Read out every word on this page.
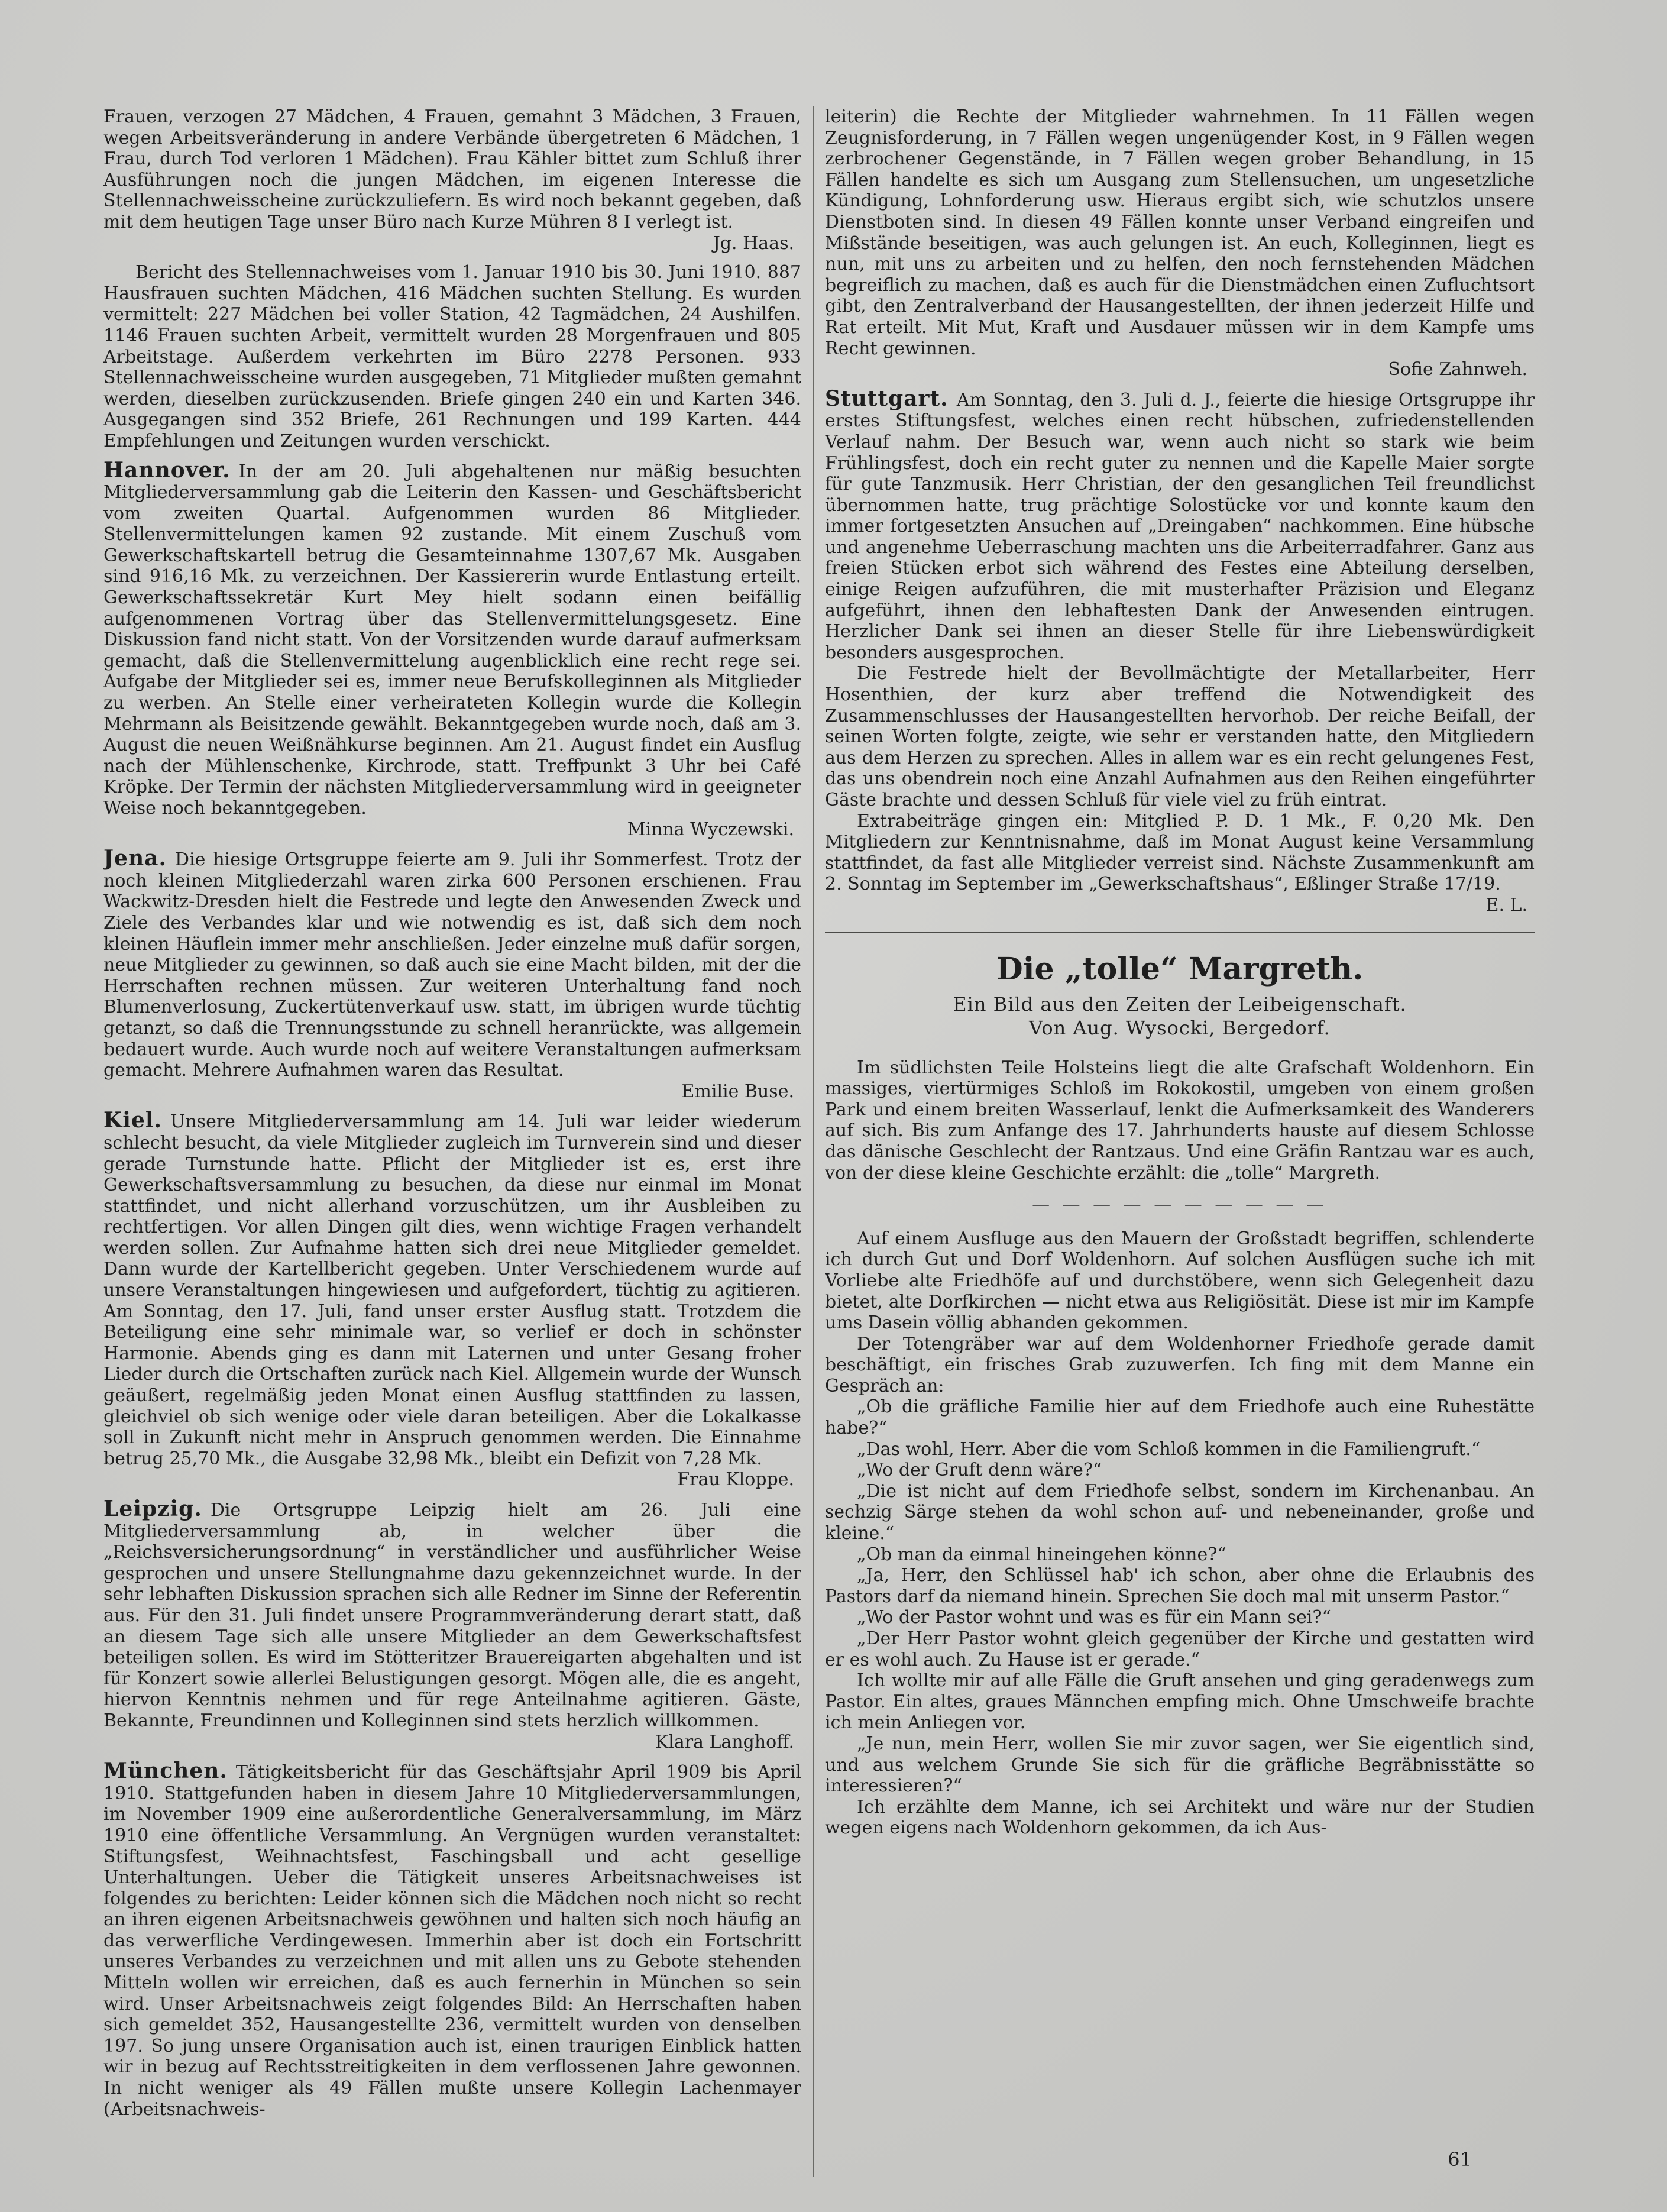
Frauen, verzogen 27 Mädchen, 4 Frauen, gemahnt 3 Mädchen, 3 Frauen, wegen Arbeitsveränderung in andere Verbände übergetreten 6 Mädchen, 1 Frau, durch Tod verloren 1 Mädchen). Frau Kähler bittet zum Schluß ihrer Ausführungen noch die jungen Mädchen, im eigenen Interesse die Stellennachweisscheine zurückzuliefern. Es wird noch bekannt gegeben, daß mit dem heutigen Tage unser Büro nach Kurze Mühren 8 I verlegt ist.

Jg. Haas.

Bericht des Stellennachweises vom 1. Januar 1910 bis 30. Juni 1910. 887 Hausfrauen suchten Mädchen, 416 Mädchen suchten Stellung. Es wurden vermittelt: 227 Mädchen bei voller Station, 42 Tagmädchen, 24 Aushilfen. 1146 Frauen suchten Arbeit, vermittelt wurden 28 Morgenfrauen und 805 Arbeitstage. Außerdem verkehrten im Büro 2278 Personen. 933 Stellennachweisscheine wurden ausgegeben, 71 Mitglieder mußten gemahnt werden, dieselben zurückzusenden. Briefe gingen 240 ein und Karten 346. Ausgegangen sind 352 Briefe, 261 Rechnungen und 199 Karten. 444 Empfehlungen und Zeitungen wurden verschickt.

Hannover. In der am 20. Juli abgehaltenen nur mäßig besuchten Mitgliederversammlung gab die Leiterin den Kassen- und Geschäftsbericht vom zweiten Quartal. Aufgenommen wurden 86 Mitglieder. Stellenvermittelungen kamen 92 zustande. Mit einem Zuschuß vom Gewerkschaftskartell betrug die Gesamteinnahme 1307,67 Mk. Ausgaben sind 916,16 Mk. zu verzeichnen. Der Kassiererin wurde Entlastung erteilt. Gewerkschaftssekretär Kurt Mey hielt sodann einen beifällig aufgenommenen Vortrag über das Stellenvermittelungsgesetz. Eine Diskussion fand nicht statt. Von der Vorsitzenden wurde darauf aufmerksam gemacht, daß die Stellenvermittelung augenblicklich eine recht rege sei. Aufgabe der Mitglieder sei es, immer neue Berufskolleginnen als Mitglieder zu werben. An Stelle einer verheirateten Kollegin wurde die Kollegin Mehrmann als Beisitzende gewählt. Bekanntgegeben wurde noch, daß am 3. August die neuen Weißnähkurse beginnen. Am 21. August findet ein Ausflug nach der Mühlenschenke, Kirchrode, statt. Treffpunkt 3 Uhr bei Café Kröpke. Der Termin der nächsten Mitgliederversammlung wird in geeigneter Weise noch bekanntgegeben.

Minna Wyczewski.

Jena. Die hiesige Ortsgruppe feierte am 9. Juli ihr Sommerfest. Trotz der noch kleinen Mitgliederzahl waren zirka 600 Personen erschienen. Frau Wackwitz-Dresden hielt die Festrede und legte den Anwesenden Zweck und Ziele des Verbandes klar und wie notwendig es ist, daß sich dem noch kleinen Häuflein immer mehr anschließen. Jeder einzelne muß dafür sorgen, neue Mitglieder zu gewinnen, so daß auch sie eine Macht bilden, mit der die Herrschaften rechnen müssen. Zur weiteren Unterhaltung fand noch Blumenverlosung, Zuckertütenverkauf usw. statt, im übrigen wurde tüchtig getanzt, so daß die Trennungsstunde zu schnell heranrückte, was allgemein bedauert wurde. Auch wurde noch auf weitere Veranstaltungen aufmerksam gemacht. Mehrere Aufnahmen waren das Resultat.

Emilie Buse.

Kiel. Unsere Mitgliederversammlung am 14. Juli war leider wiederum schlecht besucht, da viele Mitglieder zugleich im Turnverein sind und dieser gerade Turnstunde hatte. Pflicht der Mitglieder ist es, erst ihre Gewerkschaftsversammlung zu besuchen, da diese nur einmal im Monat stattfindet, und nicht allerhand vorzuschützen, um ihr Ausbleiben zu rechtfertigen. Vor allen Dingen gilt dies, wenn wichtige Fragen verhandelt werden sollen. Zur Aufnahme hatten sich drei neue Mitglieder gemeldet. Dann wurde der Kartellbericht gegeben. Unter Verschiedenem wurde auf unsere Veranstaltungen hingewiesen und aufgefordert, tüchtig zu agitieren. Am Sonntag, den 17. Juli, fand unser erster Ausflug statt. Trotzdem die Beteiligung eine sehr minimale war, so verlief er doch in schönster Harmonie. Abends ging es dann mit Laternen und unter Gesang froher Lieder durch die Ortschaften zurück nach Kiel. Allgemein wurde der Wunsch geäußert, regelmäßig jeden Monat einen Ausflug stattfinden zu lassen, gleichviel ob sich wenige oder viele daran beteiligen. Aber die Lokalkasse soll in Zukunft nicht mehr in Anspruch genommen werden. Die Einnahme betrug 25,70 Mk., die Ausgabe 32,98 Mk., bleibt ein Defizit von 7,28 Mk.

Frau Kloppe.

Leipzig. Die Ortsgruppe Leipzig hielt am 26. Juli eine Mitgliederversammlung ab, in welcher über die „Reichsversicherungsordnung“ in verständlicher und ausführlicher Weise gesprochen und unsere Stellungnahme dazu gekennzeichnet wurde. In der sehr lebhaften Diskussion sprachen sich alle Redner im Sinne der Referentin aus. Für den 31. Juli findet unsere Programmveränderung derart statt, daß an diesem Tage sich alle unsere Mitglieder an dem Gewerkschaftsfest beteiligen sollen. Es wird im Stötteritzer Brauereigarten abgehalten und ist für Konzert sowie allerlei Belustigungen gesorgt. Mögen alle, die es angeht, hiervon Kenntnis nehmen und für rege Anteilnahme agitieren. Gäste, Bekannte, Freundinnen und Kolleginnen sind stets herzlich willkommen.

Klara Langhoff.

München. Tätigkeitsbericht für das Geschäftsjahr April 1909 bis April 1910. Stattgefunden haben in diesem Jahre 10 Mitgliederversammlungen, im November 1909 eine außerordentliche Generalversammlung, im März 1910 eine öffentliche Versammlung. An Vergnügen wurden veranstaltet: Stiftungsfest, Weihnachtsfest, Faschingsball und acht gesellige Unterhaltungen. Ueber die Tätigkeit unseres Arbeitsnachweises ist folgendes zu berichten: Leider können sich die Mädchen noch nicht so recht an ihren eigenen Arbeitsnachweis gewöhnen und halten sich noch häufig an das verwerfliche Verdingewesen. Immerhin aber ist doch ein Fortschritt unseres Verbandes zu verzeichnen und mit allen uns zu Gebote stehenden Mitteln wollen wir erreichen, daß es auch fernerhin in München so sein wird. Unser Arbeitsnachweis zeigt folgendes Bild: An Herrschaften haben sich gemeldet 352, Hausangestellte 236, vermittelt wurden von denselben 197. So jung unsere Organisation auch ist, einen traurigen Einblick hatten wir in bezug auf Rechtsstreitigkeiten in dem verflossenen Jahre gewonnen. In nicht weniger als 49 Fällen mußte unsere Kollegin Lachenmayer (Arbeitsnachweis-

leiterin) die Rechte der Mitglieder wahrnehmen. In 11 Fällen wegen Zeugnisforderung, in 7 Fällen wegen ungenügender Kost, in 9 Fällen wegen zerbrochener Gegenstände, in 7 Fällen wegen grober Behandlung, in 15 Fällen handelte es sich um Ausgang zum Stellensuchen, um ungesetzliche Kündigung, Lohnforderung usw. Hieraus ergibt sich, wie schutzlos unsere Dienstboten sind. In diesen 49 Fällen konnte unser Verband eingreifen und Mißstände beseitigen, was auch gelungen ist. An euch, Kolleginnen, liegt es nun, mit uns zu arbeiten und zu helfen, den noch fernstehenden Mädchen begreiflich zu machen, daß es auch für die Dienstmädchen einen Zufluchtsort gibt, den Zentralverband der Hausangestellten, der ihnen jederzeit Hilfe und Rat erteilt. Mit Mut, Kraft und Ausdauer müssen wir in dem Kampfe ums Recht gewinnen.

Sofie Zahnweh.

Stuttgart. Am Sonntag, den 3. Juli d. J., feierte die hiesige Ortsgruppe ihr erstes Stiftungsfest, welches einen recht hübschen, zufriedenstellenden Verlauf nahm. Der Besuch war, wenn auch nicht so stark wie beim Frühlingsfest, doch ein recht guter zu nennen und die Kapelle Maier sorgte für gute Tanzmusik. Herr Christian, der den gesanglichen Teil freundlichst übernommen hatte, trug prächtige Solostücke vor und konnte kaum den immer fortgesetzten Ansuchen auf „Dreingaben“ nachkommen. Eine hübsche und angenehme Ueberraschung machten uns die Arbeiterradfahrer. Ganz aus freien Stücken erbot sich während des Festes eine Abteilung derselben, einige Reigen aufzuführen, die mit musterhafter Präzision und Eleganz aufgeführt, ihnen den lebhaftesten Dank der Anwesenden eintrugen. Herzlicher Dank sei ihnen an dieser Stelle für ihre Liebenswürdigkeit besonders ausgesprochen.

Die Festrede hielt der Bevollmächtigte der Metallarbeiter, Herr Hosenthien, der kurz aber treffend die Notwendigkeit des Zusammenschlusses der Hausangestellten hervorhob. Der reiche Beifall, der seinen Worten folgte, zeigte, wie sehr er verstanden hatte, den Mitgliedern aus dem Herzen zu sprechen. Alles in allem war es ein recht gelungenes Fest, das uns obendrein noch eine Anzahl Aufnahmen aus den Reihen eingeführter Gäste brachte und dessen Schluß für viele viel zu früh eintrat.

Extrabeiträge gingen ein: Mitglied P. D. 1 Mk., F. 0,20 Mk. Den Mitgliedern zur Kenntnisnahme, daß im Monat August keine Versammlung stattfindet, da fast alle Mitglieder verreist sind. Nächste Zusammenkunft am 2. Sonntag im September im „Gewerkschaftshaus“, Eßlinger Straße 17/19.

E. L.
Die „tolle“ Margreth.
Ein Bild aus den Zeiten der Leibeigenschaft.
Von Aug. Wysocki, Bergedorf.

Im südlichsten Teile Holsteins liegt die alte Grafschaft Woldenhorn. Ein massiges, viertürmiges Schloß im Rokokostil, umgeben von einem großen Park und einem breiten Wasserlauf, lenkt die Aufmerksamkeit des Wanderers auf sich. Bis zum Anfange des 17. Jahrhunderts hauste auf diesem Schlosse das dänische Geschlecht der Rantzaus. Und eine Gräfin Rantzau war es auch, von der diese kleine Geschichte erzählt: die „tolle“ Margreth.

— — — — — — — — — —

Auf einem Ausfluge aus den Mauern der Großstadt begriffen, schlenderte ich durch Gut und Dorf Woldenhorn. Auf solchen Ausflügen suche ich mit Vorliebe alte Friedhöfe auf und durchstöbere, wenn sich Gelegenheit dazu bietet, alte Dorfkirchen — nicht etwa aus Religiösität. Diese ist mir im Kampfe ums Dasein völlig abhanden gekommen.

Der Totengräber war auf dem Woldenhorner Friedhofe gerade damit beschäftigt, ein frisches Grab zuzuwerfen. Ich fing mit dem Manne ein Gespräch an:

„Ob die gräfliche Familie hier auf dem Friedhofe auch eine Ruhestätte habe?“

„Das wohl, Herr. Aber die vom Schloß kommen in die Familiengruft.“

„Wo der Gruft denn wäre?“

„Die ist nicht auf dem Friedhofe selbst, sondern im Kirchenanbau. An sechzig Särge stehen da wohl schon auf- und nebeneinander, große und kleine.“

„Ob man da einmal hineingehen könne?“

„Ja, Herr, den Schlüssel hab' ich schon, aber ohne die Erlaubnis des Pastors darf da niemand hinein. Sprechen Sie doch mal mit unserm Pastor.“

„Wo der Pastor wohnt und was es für ein Mann sei?“

„Der Herr Pastor wohnt gleich gegenüber der Kirche und gestatten wird er es wohl auch. Zu Hause ist er gerade.“

Ich wollte mir auf alle Fälle die Gruft ansehen und ging geradenwegs zum Pastor. Ein altes, graues Männchen empfing mich. Ohne Umschweife brachte ich mein Anliegen vor.

„Je nun, mein Herr, wollen Sie mir zuvor sagen, wer Sie eigentlich sind, und aus welchem Grunde Sie sich für die gräfliche Begräbnisstätte so interessieren?“

Ich erzählte dem Manne, ich sei Architekt und wäre nur der Studien wegen eigens nach Woldenhorn gekommen, da ich Aus-

61
